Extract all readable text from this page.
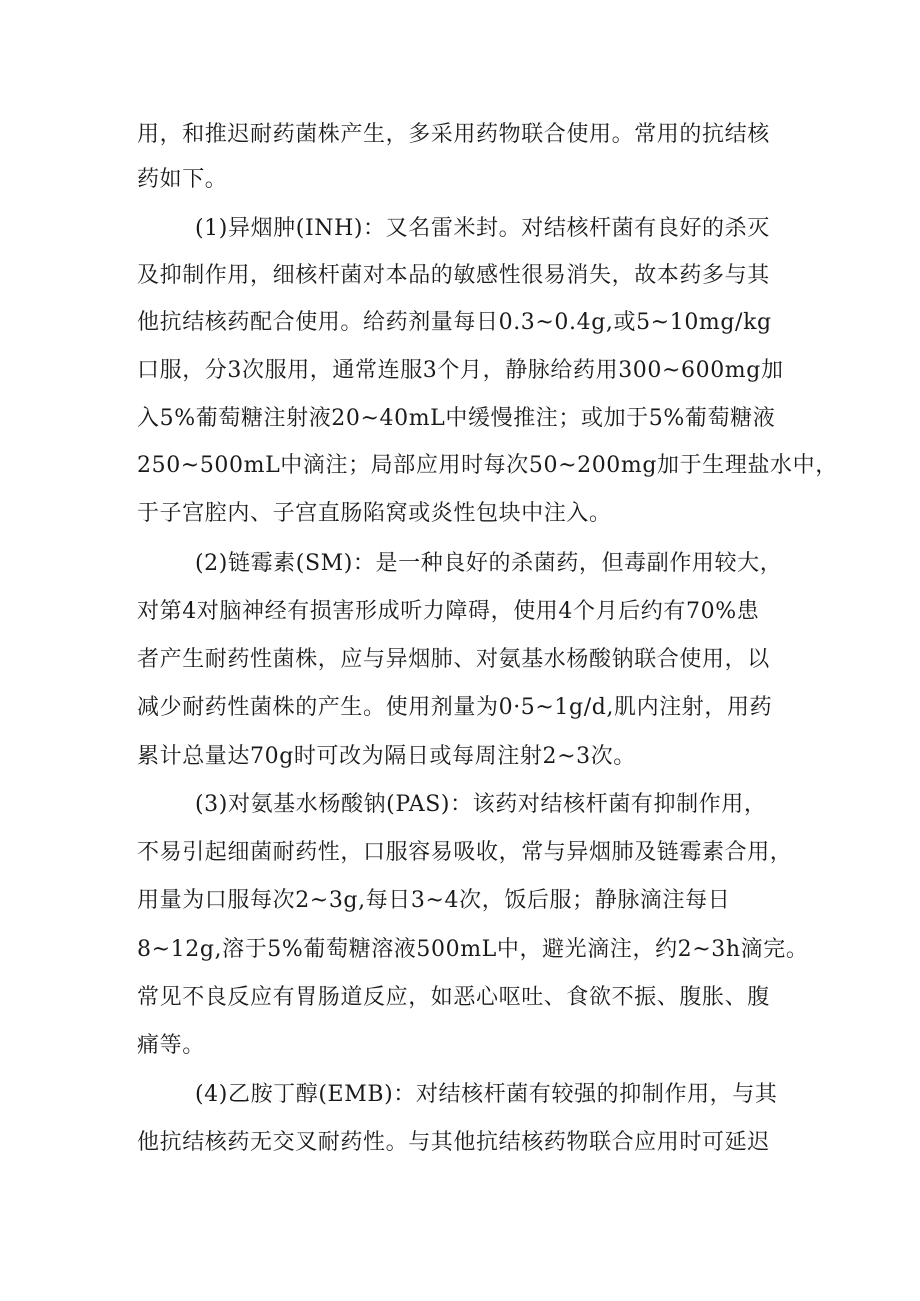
用，和推迟耐药菌株产生，多采用药物联合使用。常用的抗结核
药如下。
(1)异烟肿(INH)：又名雷米封。对结核杆菌有良好的杀灭
及抑制作用，细核杆菌对本品的敏感性很易消失，故本药多与其
他抗结核药配合使用。给药剂量每日0.3~0.4g,或5~10mg/kg
口服，分3次服用，通常连服3个月，静脉给药用300~600mg加
入5%葡萄糖注射液20~40mL中缓慢推注；或加于5%葡萄糖液
250~500mL中滴注；局部应用时每次50~200mg加于生理盐水中，
于子宫腔内、子宫直肠陷窝或炎性包块中注入。
(2)链霉素(SM)：是一种良好的杀菌药，但毒副作用较大，
对第4对脑神经有损害形成听力障碍，使用4个月后约有70%患
者产生耐药性菌株，应与异烟肺、对氨基水杨酸钠联合使用，以
减少耐药性菌株的产生。使用剂量为0·5~1g/d,肌内注射，用药
累计总量达70g时可改为隔日或每周注射2~3次。
(3)对氨基水杨酸钠(PAS)：该药对结核杆菌有抑制作用，
不易引起细菌耐药性，口服容易吸收，常与异烟肺及链霉素合用，
用量为口服每次2~3g,每日3~4次，饭后服；静脉滴注每日
8~12g,溶于5%葡萄糖溶液500mL中，避光滴注，约2~3h滴完。
常见不良反应有胃肠道反应，如恶心呕吐、食欲不振、腹胀、腹
痛等。
(4)乙胺丁醇(EMB)：对结核杆菌有较强的抑制作用，与其
他抗结核药无交叉耐药性。与其他抗结核药物联合应用时可延迟
